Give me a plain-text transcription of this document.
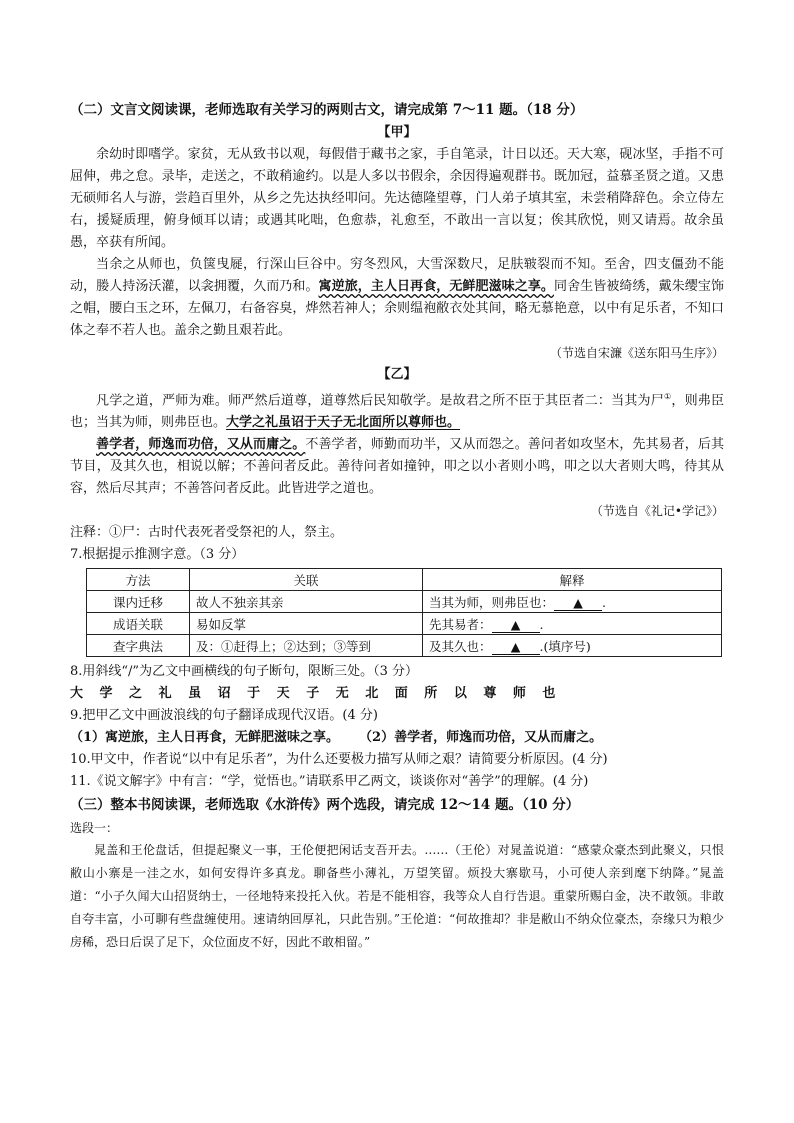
（二）文言文阅读课，老师选取有关学习的两则古文，请完成第 7～11 题。（18 分）
【甲】

余幼时即嗜学。家贫，无从致书以观，每假借于藏书之家，手自笔录，计日以还。天大寒，砚冰坚，手指不可屈伸，弗之怠。录毕，走送之，不敢稍逾约。以是人多以书假余，余因得遍观群书。既加冠，益慕圣贤之道。又患无硕师名人与游，尝趋百里外，从乡之先达执经叩问。先达德隆望尊，门人弟子填其室，未尝稍降辞色。余立侍左右，援疑质理，俯身倾耳以请；或遇其叱咄，色愈恭，礼愈至，不敢出一言以复；俟其欣悦，则又请焉。故余虽愚，卒获有所闻。

当余之从师也，负箧曳屣，行深山巨谷中。穷冬烈风，大雪深数尺，足肤皲裂而不知。至舍，四支僵劲不能动，媵人持汤沃灌，以衾拥覆，久而乃和。寓逆旅，主人日再食，无鲜肥滋味之享。同舍生皆被绮绣，戴朱缨宝饰之帽，腰白玉之环，左佩刀，右备容臭，烨然若神人；余则缊袍敝衣处其间，略无慕艳意，以中有足乐者，不知口体之奉不若人也。盖余之勤且艰若此。

（节选自宋濂《送东阳马生序》）
【乙】

凡学之道，严师为难。师严然后道尊，道尊然后民知敬学。是故君之所不臣于其臣者二：当其为尸①，则弗臣也；当其为师，则弗臣也。大学之礼虽诏于天子无北面所以尊师也。

善学者，师逸而功倍，又从而庸之。不善学者，师勤而功半，又从而怨之。善问者如攻坚木，先其易者，后其节目，及其久也，相说以解；不善问者反此。善待问者如撞钟，叩之以小者则小鸣，叩之以大者则大鸣，待其从容，然后尽其声；不善答问者反此。此皆进学之道也。

（节选自《礼记•学记》）
注释：①尸：古时代表死者受祭祀的人，祭主。
7.根据提示推测字意。（3 分）
方法	关联	解释
课内迁移	故人不独亲其亲	当其为师，则弗臣也： ▲ .
成语关联	易如反掌	先其易者： ▲ .
查字典法	及：①赶得上；②达到；③等到	及其久也： ▲ .(填序号)
8.用斜线“/”为乙文中画横线的句子断句，限断三处。（3 分）
大 学 之 礼 虽 诏 于 天 子 无 北 面 所 以 尊 师 也
9.把甲乙文中画波浪线的句子翻译成现代汉语。(4 分)
（1）寓逆旅，主人日再食，无鲜肥滋味之享。 （2）善学者，师逸而功倍，又从而庸之。
10.甲文中，作者说“以中有足乐者”，为什么还要极力描写从师之艰？请简要分析原因。(4 分)
11.《说文解字》中有言：“学，觉悟也。”请联系甲乙两文，谈谈你对“善学”的理解。(4 分)
（三）整本书阅读课，老师选取《水浒传》两个选段，请完成 12～14 题。（10 分）
选段一：

晁盖和王伦盘话，但提起聚义一事，王伦便把闲话支吾开去。……（王伦）对晁盖说道：“感蒙众豪杰到此聚义，只恨敝山小寨是一洼之水，如何安得许多真龙。聊备些小薄礼，万望笑留。烦投大寨歇马，小可使人亲到麾下纳降。”晁盖道：“小子久闻大山招贤纳士，一径地特来投托入伙。若是不能相容，我等众人自行告退。重蒙所赐白金，决不敢领。非敢自夸丰富，小可聊有些盘缠使用。速请纳回厚礼，只此告别。”王伦道：“何故推却？非是敝山不纳众位豪杰，奈缘只为粮少房稀，恐日后误了足下，众位面皮不好，因此不敢相留。”
